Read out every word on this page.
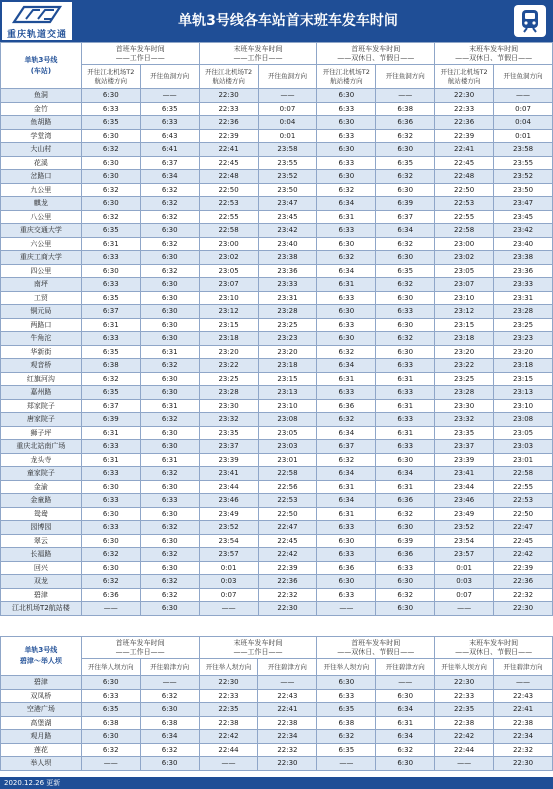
重庆轨道交通
单轨3号线各车站首末班车发车时间
单轨3号线
(车站)	首班车发车时间
——工作日——		末班车发车时间
——工作日——		首班车发车时间
——双休日、节假日——		末班车发车时间
——双休日、节假日——	
	开往江北机场T2
航站楼方向	开往鱼洞方向	开往江北机场T2
航站楼方向	开往鱼洞方向	开往江北机场T2
航站楼方向	开往鱼洞方向	开往江北机场T2
航站楼方向	开往鱼洞方向
鱼洞	6:30	——	22:30	——	6:30	——	22:30	——
金竹	6:33	6:35	22:33	0:07	6:33	6:38	22:33	0:07
鱼胡路	6:35	6:33	22:36	0:04	6:30	6:36	22:36	0:04
学堂湾	6:30	6:43	22:39	0:01	6:33	6:32	22:39	0:01
大山村	6:32	6:41	22:41	23:58	6:30	6:30	22:41	23:58
花溪	6:30	6:37	22:45	23:55	6:33	6:35	22:45	23:55
岔路口	6:30	6:34	22:48	23:52	6:30	6:32	22:48	23:52
九公里	6:32	6:32	22:50	23:50	6:32	6:30	22:50	23:50
麒龙	6:30	6:32	22:53	23:47	6:34	6:39	22:53	23:47
八公里	6:32	6:32	22:55	23:45	6:31	6:37	22:55	23:45
重庆交通大学	6:35	6:30	22:58	23:42	6:33	6:34	22:58	23:42
六公里	6:31	6:32	23:00	23:40	6:30	6:32	23:00	23:40
重庆工商大学	6:33	6:30	23:02	23:38	6:32	6:30	23:02	23:38
四公里	6:30	6:32	23:05	23:36	6:34	6:35	23:05	23:36
南坪	6:33	6:30	23:07	23:33	6:31	6:32	23:07	23:33
工贸	6:35	6:30	23:10	23:31	6:33	6:30	23:10	23:31
铜元局	6:37	6:30	23:12	23:28	6:30	6:33	23:12	23:28
两路口	6:31	6:30	23:15	23:25	6:33	6:30	23:15	23:25
牛角沱	6:33	6:30	23:18	23:23	6:30	6:32	23:18	23:23
华新街	6:35	6:31	23:20	23:20	6:32	6:30	23:20	23:20
观音桥	6:38	6:32	23:22	23:18	6:34	6:33	23:22	23:18
红旗河沟	6:32	6:30	23:25	23:15	6:31	6:31	23:25	23:15
嘉州路	6:35	6:30	23:28	23:13	6:33	6:33	23:28	23:13
郑家院子	6:37	6:31	23:30	23:10	6:36	6:31	23:30	23:10
唐家院子	6:39	6:32	23:32	23:08	6:32	6:33	23:32	23:08
狮子坪	6:31	6:30	23:35	23:05	6:34	6:31	23:35	23:05
重庆北站南广场	6:33	6:30	23:37	23:03	6:37	6:33	23:37	23:03
龙头寺	6:31	6:31	23:39	23:01	6:32	6:30	23:39	23:01
童家院子	6:33	6:32	23:41	22:58	6:34	6:34	23:41	22:58
金渝	6:30	6:30	23:44	22:56	6:31	6:31	23:44	22:55
金童路	6:33	6:33	23:46	22:53	6:34	6:36	23:46	22:53
鸳鸯	6:30	6:30	23:49	22:50	6:31	6:32	23:49	22:50
园博园	6:33	6:32	23:52	22:47	6:33	6:30	23:52	22:47
翠云	6:30	6:30	23:54	22:45	6:30	6:39	23:54	22:45
长福路	6:32	6:32	23:57	22:42	6:33	6:36	23:57	22:42
回兴	6:30	6:30	0:01	22:39	6:36	6:33	0:01	22:39
双龙	6:32	6:32	0:03	22:36	6:30	6:30	0:03	22:36
碧津	6:36	6:32	0:07	22:32	6:33	6:32	0:07	22:32
江北机场T2航站楼	——	6:30	——	22:30	——	6:30	——	22:30
单轨3号线
碧津～举人坝	首班车发车时间
——工作日——		末班车发车时间
——工作日——		首班车发车时间
——双休日、节假日——		末班车发车时间
——双休日、节假日——	
	开往举人坝方向	开往碧津方向	开往举人坝方向	开往碧津方向	开往举人坝方向	开往碧津方向	开往举人坝方向	开往碧津方向
碧津	6:30	——	22:30	——	6:30	——	22:30	——
双凤桥	6:33	6:32	22:33	22:43	6:33	6:30	22:33	22:43
空港广场	6:35	6:30	22:35	22:41	6:35	6:34	22:35	22:41
高堡湖	6:38	6:38	22:38	22:38	6:38	6:31	22:38	22:38
观月路	6:30	6:34	22:42	22:34	6:32	6:34	22:42	22:34
莲花	6:32	6:32	22:44	22:32	6:35	6:32	22:44	22:32
举人坝	——	6:30	——	22:30	——	6:30	——	22:30
2020.12.26 更新
